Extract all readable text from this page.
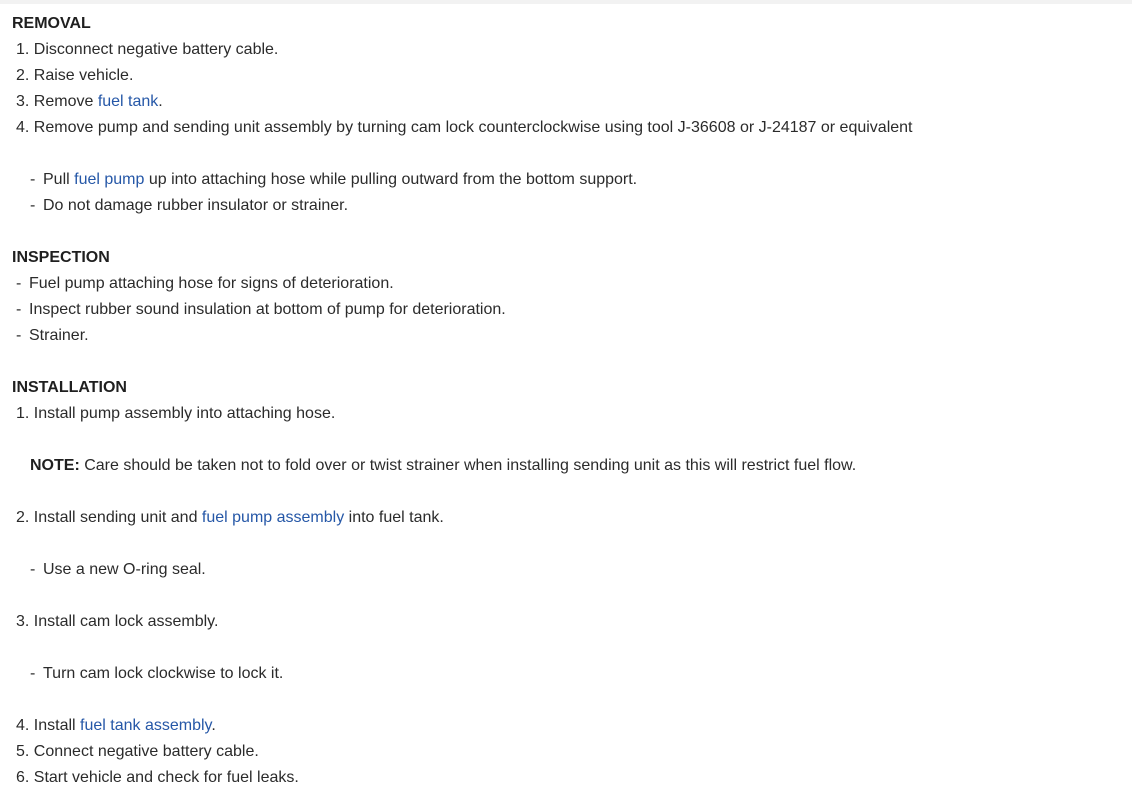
REMOVAL
1. Disconnect negative battery cable.
2. Raise vehicle.
3. Remove fuel tank.
4. Remove pump and sending unit assembly by turning cam lock counterclockwise using tool J-36608 or J-24187 or equivalent
- Pull fuel pump up into attaching hose while pulling outward from the bottom support.
- Do not damage rubber insulator or strainer.
INSPECTION
- Fuel pump attaching hose for signs of deterioration.
- Inspect rubber sound insulation at bottom of pump for deterioration.
- Strainer.
INSTALLATION
1. Install pump assembly into attaching hose.
NOTE: Care should be taken not to fold over or twist strainer when installing sending unit as this will restrict fuel flow.
2. Install sending unit and fuel pump assembly into fuel tank.
- Use a new O-ring seal.
3. Install cam lock assembly.
- Turn cam lock clockwise to lock it.
4. Install fuel tank assembly.
5. Connect negative battery cable.
6. Start vehicle and check for fuel leaks.
